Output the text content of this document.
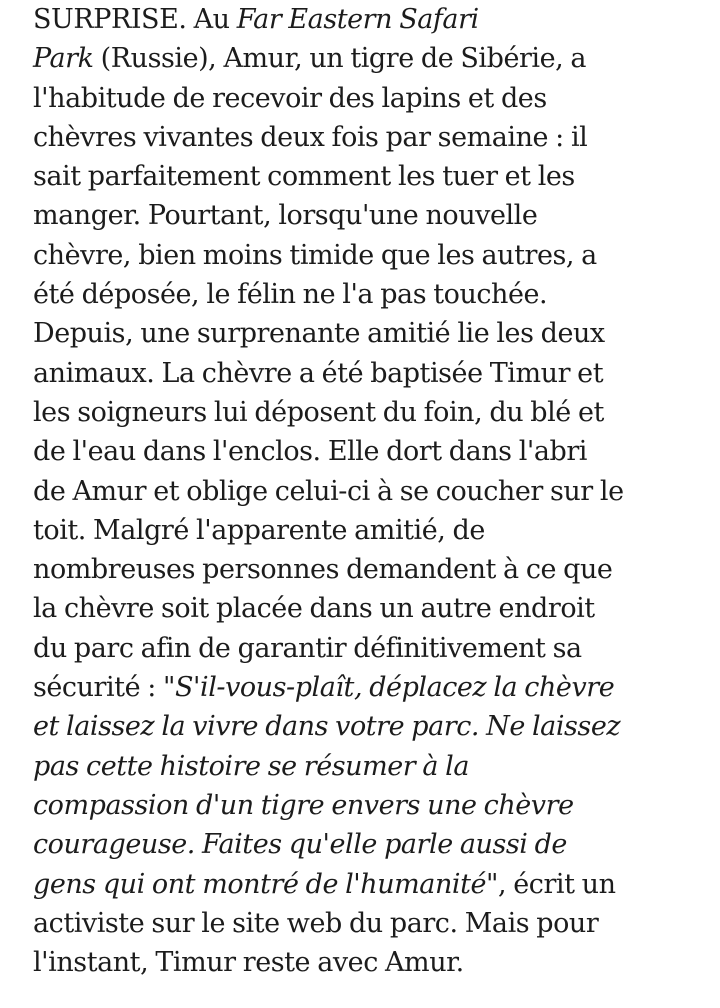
SURPRISE. Au Far Eastern Safari
Park (Russie), Amur, un tigre de Sibérie, a
l'habitude de recevoir des lapins et des
chèvres vivantes deux fois par semaine : il
sait parfaitement comment les tuer et les
manger. Pourtant, lorsqu'une nouvelle
chèvre, bien moins timide que les autres, a
été déposée, le félin ne l'a pas touchée.
Depuis, une surprenante amitié lie les deux
animaux. La chèvre a été baptisée Timur et
les soigneurs lui déposent du foin, du blé et
de l'eau dans l'enclos. Elle dort dans l'abri
de Amur et oblige celui-ci à se coucher sur le
toit. Malgré l'apparente amitié, de
nombreuses personnes demandent à ce que
la chèvre soit placée dans un autre endroit
du parc afin de garantir définitivement sa
sécurité : "S'il-vous-plaît, déplacez la chèvre
et laissez la vivre dans votre parc. Ne laissez
pas cette histoire se résumer à la
compassion d'un tigre envers une chèvre
courageuse. Faites qu'elle parle aussi de
gens qui ont montré de l'humanité", écrit un
activiste sur le site web du parc. Mais pour
l'instant, Timur reste avec Amur.
